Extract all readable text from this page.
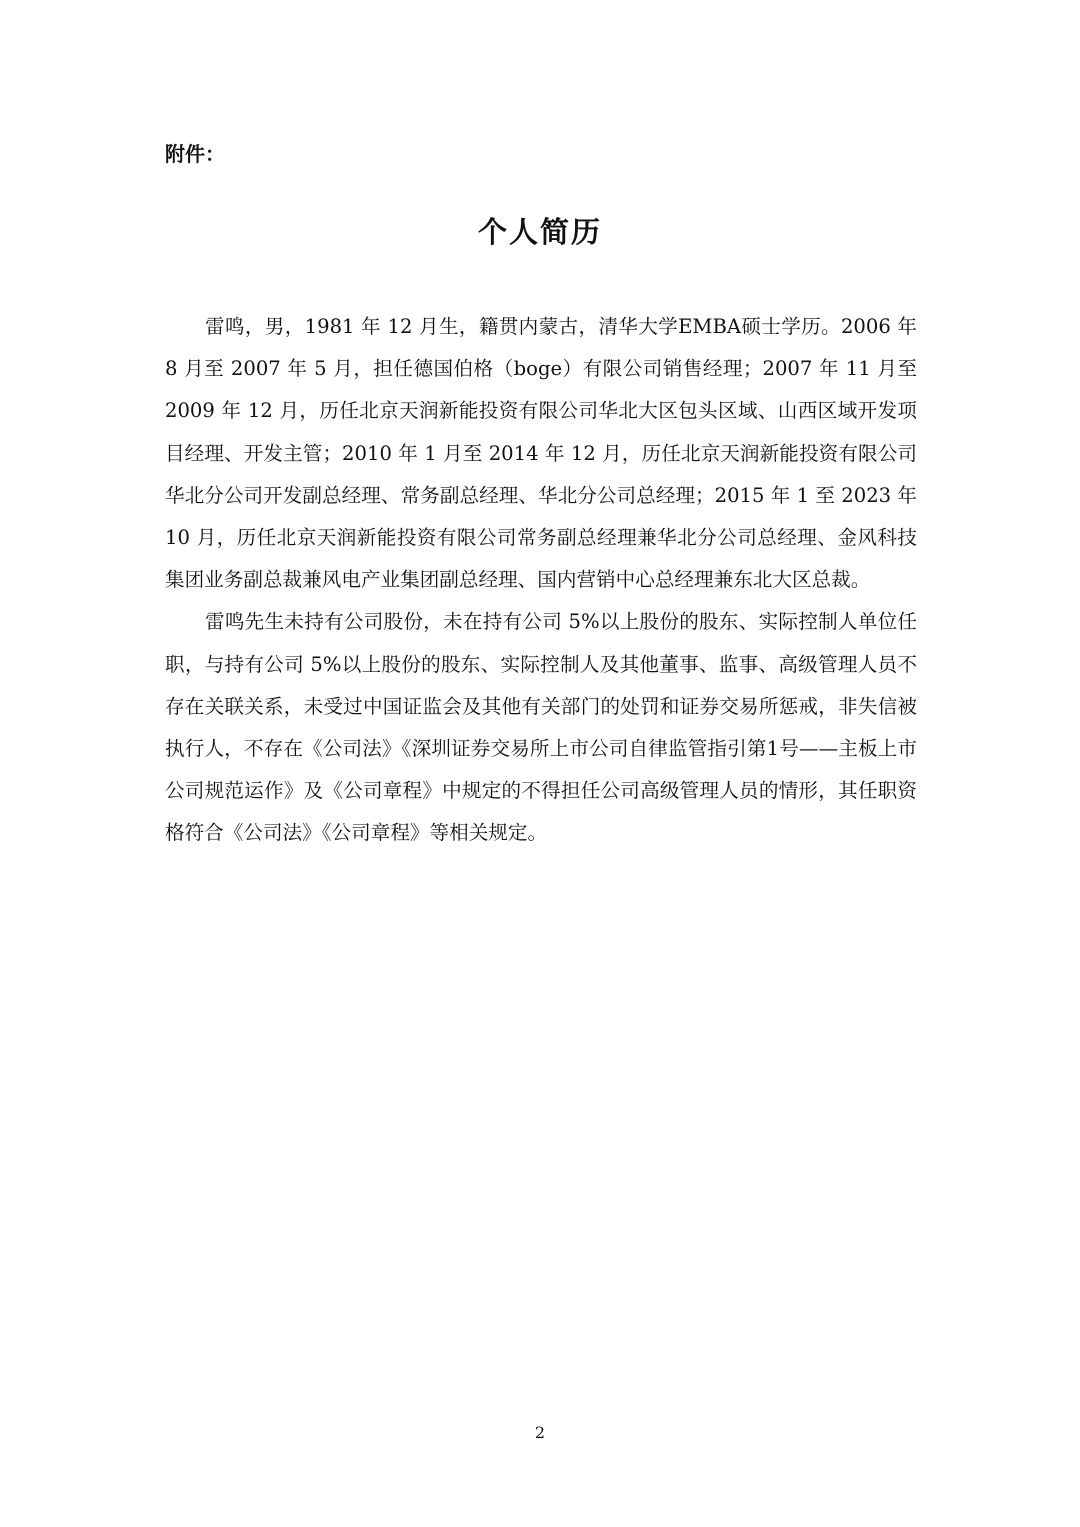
附件：

个人简历

雷鸣，男，1981 年 12 月生，籍贯内蒙古，清华大学EMBA硕士学历。2006 年 8 月至 2007 年 5 月，担任德国伯格（boge）有限公司销售经理；2007 年 11 月至 2009 年 12 月，历任北京天润新能投资有限公司华北大区包头区域、山西区域开发项目经理、开发主管；2010 年 1 月至 2014 年 12 月，历任北京天润新能投资有限公司华北分公司开发副总经理、常务副总经理、华北分公司总经理；2015 年 1 至 2023 年 10 月，历任北京天润新能投资有限公司常务副总经理兼华北分公司总经理、金风科技集团业务副总裁兼风电产业集团副总经理、国内营销中心总经理兼东北大区总裁。

雷鸣先生未持有公司股份，未在持有公司 5%以上股份的股东、实际控制人单位任职，与持有公司 5%以上股份的股东、实际控制人及其他董事、监事、高级管理人员不存在关联关系，未受过中国证监会及其他有关部门的处罚和证券交易所惩戒，非失信被执行人，不存在《公司法》《深圳证券交易所上市公司自律监管指引第1号——主板上市公司规范运作》及《公司章程》中规定的不得担任公司高级管理人员的情形，其任职资格符合《公司法》《公司章程》等相关规定。

2
